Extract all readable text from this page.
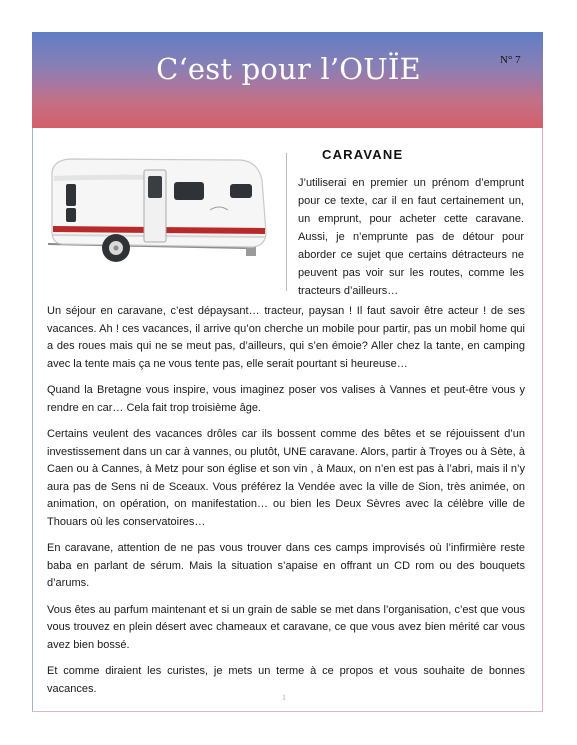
C‘est pour l’OUÏE	N° 7
CARAVANE
J’utiliserai en premier un prénom d’emprunt pour ce texte, car il en faut certainement un, un emprunt, pour acheter cette caravane. Aussi, je n’emprunte pas de détour pour aborder ce sujet que certains détracteurs ne peuvent pas voir sur les routes, comme les tracteurs d’ailleurs…

Un séjour en caravane, c’est dépaysant… tracteur, paysan ! Il faut savoir être acteur ! de ses vacances. Ah ! ces vacances, il arrive qu’on cherche un mobile pour partir, pas un mobil home qui a des roues mais qui ne se meut pas, d’ailleurs, qui s’en émoie? Aller chez la tante, en camping avec la tente mais ça ne vous tente pas, elle serait pourtant si heureuse…

Quand la Bretagne vous inspire, vous imaginez poser vos valises à Vannes et peut-être vous y rendre en car… Cela fait trop troisième âge.

Certains veulent des vacances drôles car ils bossent comme des bêtes et se réjouissent d’un investissement dans un car à vannes, ou plutôt, UNE caravane. Alors, partir à Troyes ou à Sète, à Caen ou à Cannes, à Metz pour son église et son vin , à Maux, on n’en est pas à l’abri, mais il n’y aura pas de Sens ni de Sceaux. Vous préférez la Vendée avec la ville de Sion, très animée, on animation, on opération, on manifestation… ou bien les Deux Sèvres avec la célèbre ville de Thouars où les conservatoires…

En caravane, attention de ne pas vous trouver dans ces camps improvisés où l’infirmière reste baba en parlant de sérum. Mais la situation s’apaise en offrant un CD rom ou des bouquets d’arums.

Vous êtes au parfum maintenant et si un grain de sable se met dans l’organisation, c’est que vous vous trouvez en plein désert avec chameaux et caravane, ce que vous avez bien mérité car vous avez bien bossé.

Et comme diraient les curistes, je mets un terme à ce propos et vous souhaite de bonnes vacances.

1
